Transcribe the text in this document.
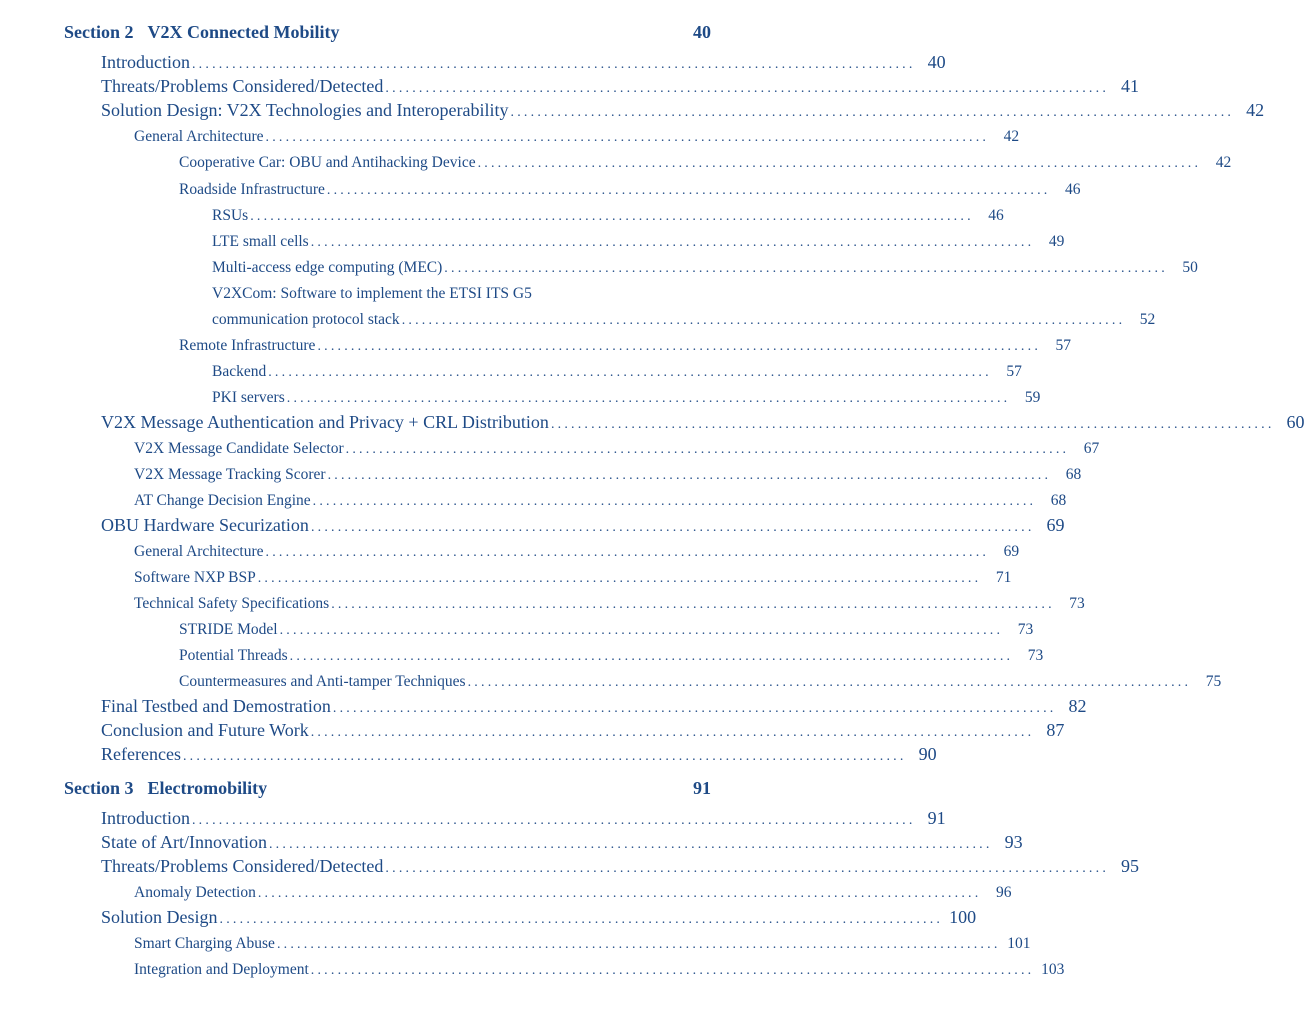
Section 2 V2X Connected Mobility	40
Introduction ............................................................................................................ 40
Threats/Problems Considered/Detected ............................................................................................................ 41
Solution Design: V2X Technologies and Interoperability ............................................................................................................ 42
General Architecture ............................................................................................................ 42
Cooperative Car: OBU and Antihacking Device ............................................................................................................ 42
Roadside Infrastructure ............................................................................................................ 46
RSUs ............................................................................................................ 46
LTE small cells ............................................................................................................ 49
Multi-access edge computing (MEC) ............................................................................................................ 50
V2XCom: Software to implement the ETSI ITS G5
communication protocol stack ............................................................................................................ 52
Remote Infrastructure ............................................................................................................ 57
Backend ............................................................................................................ 57
PKI servers ............................................................................................................ 59
V2X Message Authentication and Privacy + CRL Distribution ............................................................................................................ 60
V2X Message Candidate Selector ............................................................................................................ 67
V2X Message Tracking Scorer ............................................................................................................ 68
AT Change Decision Engine ............................................................................................................ 68
OBU Hardware Securization ............................................................................................................ 69
General Architecture ............................................................................................................ 69
Software NXP BSP ............................................................................................................ 71
Technical Safety Specifications ............................................................................................................ 73
STRIDE Model ............................................................................................................ 73
Potential Threads ............................................................................................................ 73
Countermeasures and Anti-tamper Techniques ............................................................................................................ 75
Final Testbed and Demostration ............................................................................................................ 82
Conclusion and Future Work ............................................................................................................ 87
References ............................................................................................................ 90
Section 3 Electromobility	91
Introduction ............................................................................................................ 91
State of Art/Innovation ............................................................................................................ 93
Threats/Problems Considered/Detected ............................................................................................................ 95
Anomaly Detection ............................................................................................................ 96
Solution Design ............................................................................................................ 100
Smart Charging Abuse ............................................................................................................ 101
Integration and Deployment ............................................................................................................ 103
